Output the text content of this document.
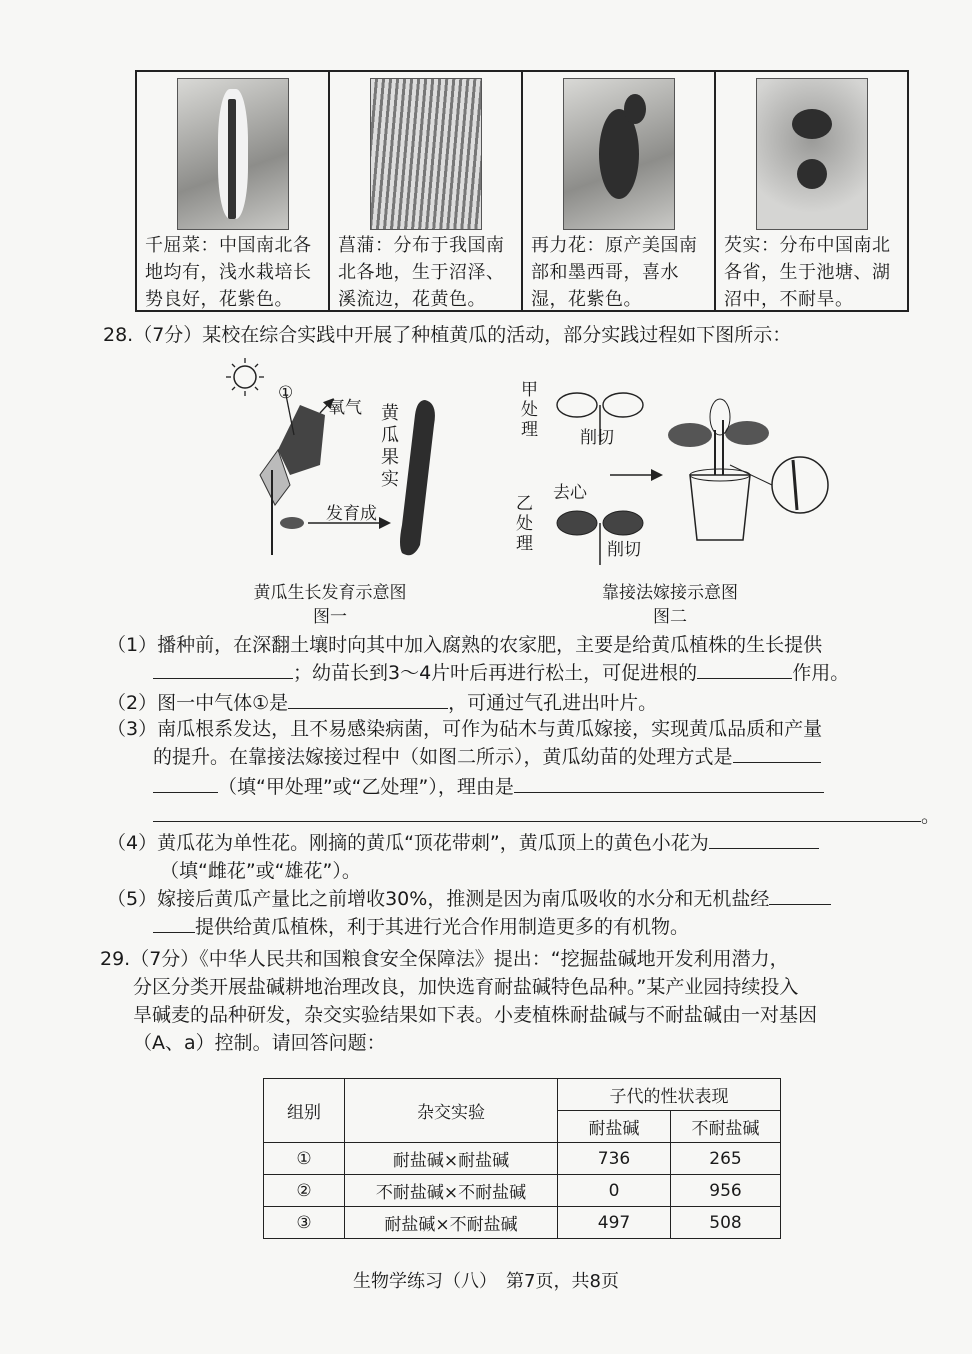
千屈菜：中国南北各地均有，浅水栽培长势良好，花紫色。
菖蒲：分布于我国南北各地，生于沼泽、溪流边，花黄色。
再力花：原产美国南部和墨西哥，喜水湿，花紫色。
芡实：分布中国南北各省，生于池塘、湖沼中，不耐旱。
28.（7分）某校在综合实践中开展了种植黄瓜的活动，部分实践过程如下图所示：
①
氧气 黄瓜果实
发育成
黄瓜生长发育示意图
图一
甲处理 削切
去心
乙处理	削切
靠接法嫁接示意图
图二
（1）播种前，在深翻土壤时向其中加入腐熟的农家肥，主要是给黄瓜植株的生长提供
；幼苗长到3～4片叶后再进行松土，可促进根的	作用。
（2）图一中气体①是	，可通过气孔进出叶片。
（3）南瓜根系发达，且不易感染病菌，可作为砧木与黄瓜嫁接，实现黄瓜品质和产量
的提升。在靠接法嫁接过程中（如图二所示），黄瓜幼苗的处理方式是
（填“甲处理”或“乙处理”），理由是
。
（4）黄瓜花为单性花。刚摘的黄瓜“顶花带刺”，黄瓜顶上的黄色小花为
（填“雌花”或“雄花”）。
（5）嫁接后黄瓜产量比之前增收30%，推测是因为南瓜吸收的水分和无机盐经
提供给黄瓜植株，利于其进行光合作用制造更多的有机物。
29.（7分）《中华人民共和国粮食安全保障法》提出：“挖掘盐碱地开发利用潜力，
分区分类开展盐碱耕地治理改良，加快选育耐盐碱特色品种。”某产业园持续投入
旱碱麦的品种研发，杂交实验结果如下表。小麦植株耐盐碱与不耐盐碱由一对基因
（A、a）控制。请回答问题：
组别	杂交实验	子代的性状表现	
		耐盐碱	不耐盐碱
①	耐盐碱×耐盐碱	736	265
②	不耐盐碱×不耐盐碱	0	956
③	耐盐碱×不耐盐碱	497	508
生物学练习（八）　第7页，共8页
